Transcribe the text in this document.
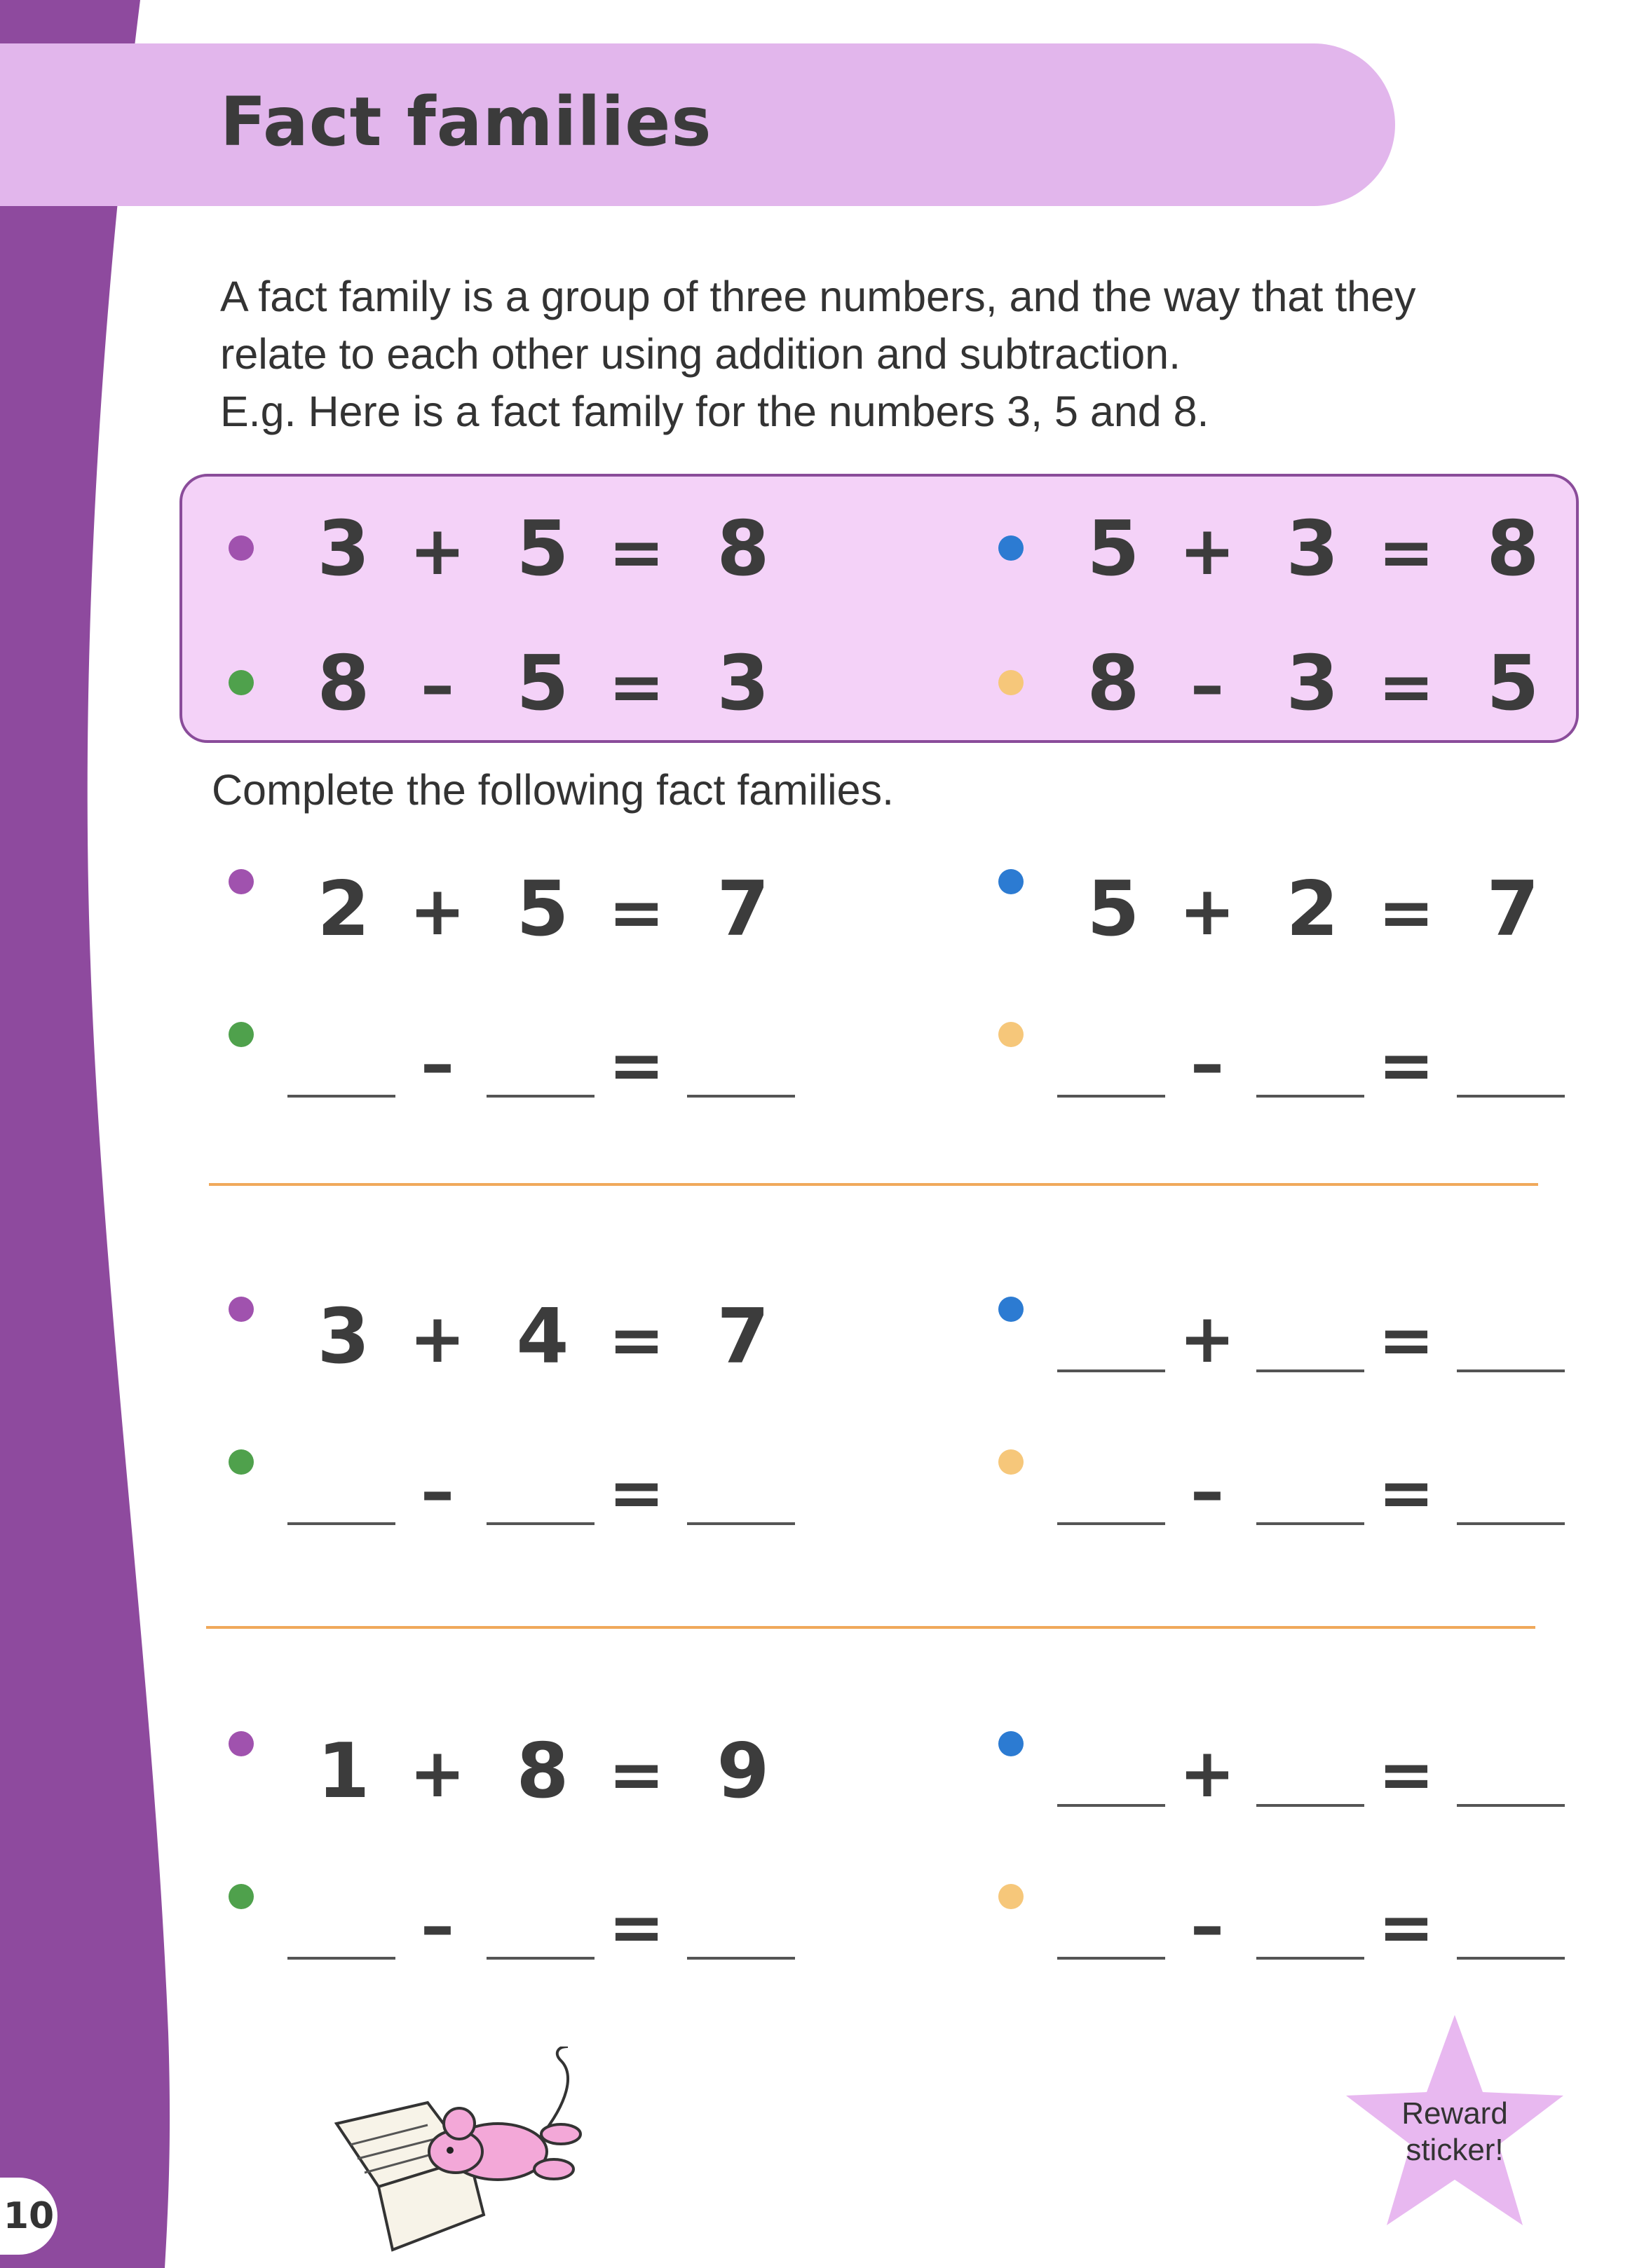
Fact families
A fact family is a group of three numbers, and the way that they
relate to each other using addition and subtraction.
E.g. Here is a fact family for the numbers 3, 5 and 8.
3 + 5 = 8	5 + 3 = 8
8 – 5 = 3	8 – 3 = 5
Complete the following fact families.
2 + 5 = 7	5 + 2 = 7
– =	– =
3 + 4 = 7	+ =
– =	– =
1 + 8 = 9	+ =
– =	– =
Reward
sticker!
10
